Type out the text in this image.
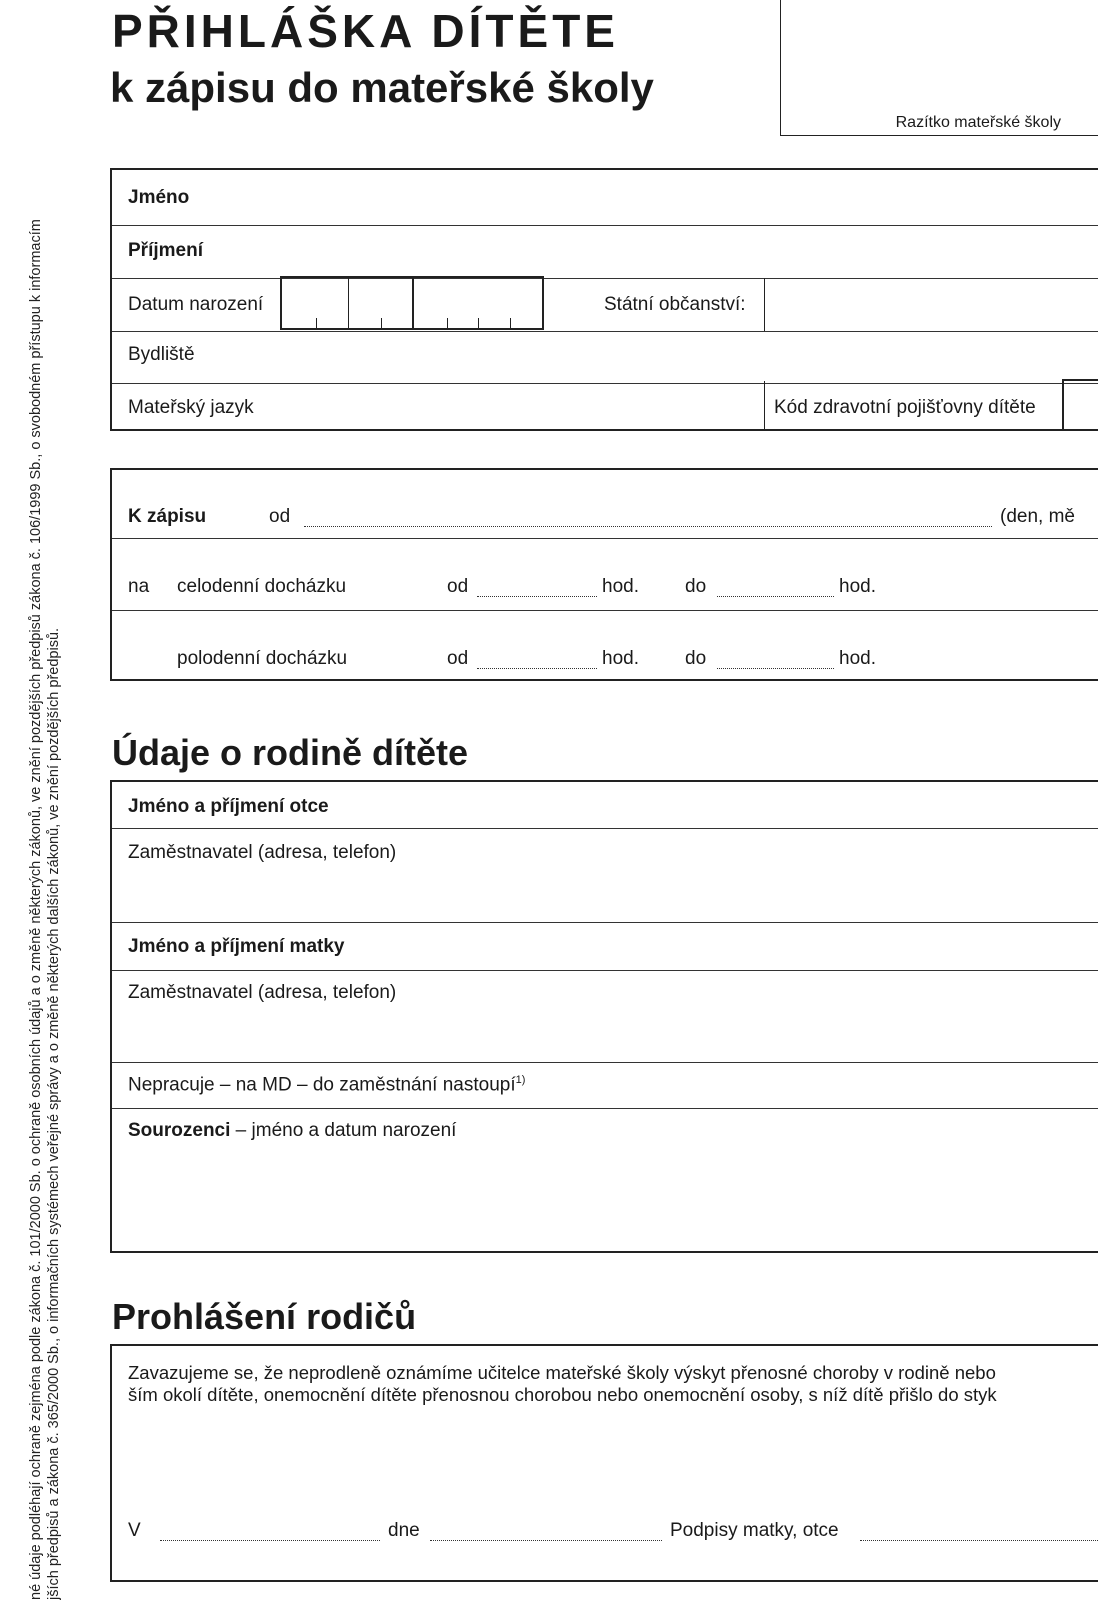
né údaje podléhají ochraně zejména podle zákona č. 101/2000 Sb. o ochraně osobních údajů a o změně některých zákonů, ve znění pozdějších předpisů zákona č. 106/1999 Sb., o svobodném přístupu k informacím jších předpisů a zákona č. 365/2000 Sb., o informačních systémech veřejné správy a o změně některých dalších zákonů, ve znění pozdějších předpisů.
PŘIHLÁŠKA DÍTĚTE
k zápisu do mateřské školy
Razítko mateřské školy
Jméno
Příjmení
Datum narození	Státní občanství:
Bydliště
Mateřský jazyk	Kód zdravotní pojišťovny dítěte
K zápisu	od	(den, mě
na celodenní docházku	od	hod. do	hod.
polodenní docházku	od	hod. do	hod.
Údaje o rodině dítěte
Jméno a příjmení otce
Zaměstnavatel (adresa, telefon)
Jméno a příjmení matky
Zaměstnavatel (adresa, telefon)
Nepracuje – na MD – do zaměstnání nastoupí$^{1)}$
Sourozenci – jméno a datum narození
Prohlášení rodičů
Zavazujeme se, že neprodleně oznámíme učitelce mateřské školy výskyt přenosné choroby v rodině nebo
ším okolí dítěte, onemocnění dítěte přenosnou chorobou nebo onemocnění osoby, s níž dítě přišlo do styk
V	dne	Podpisy matky, otce
